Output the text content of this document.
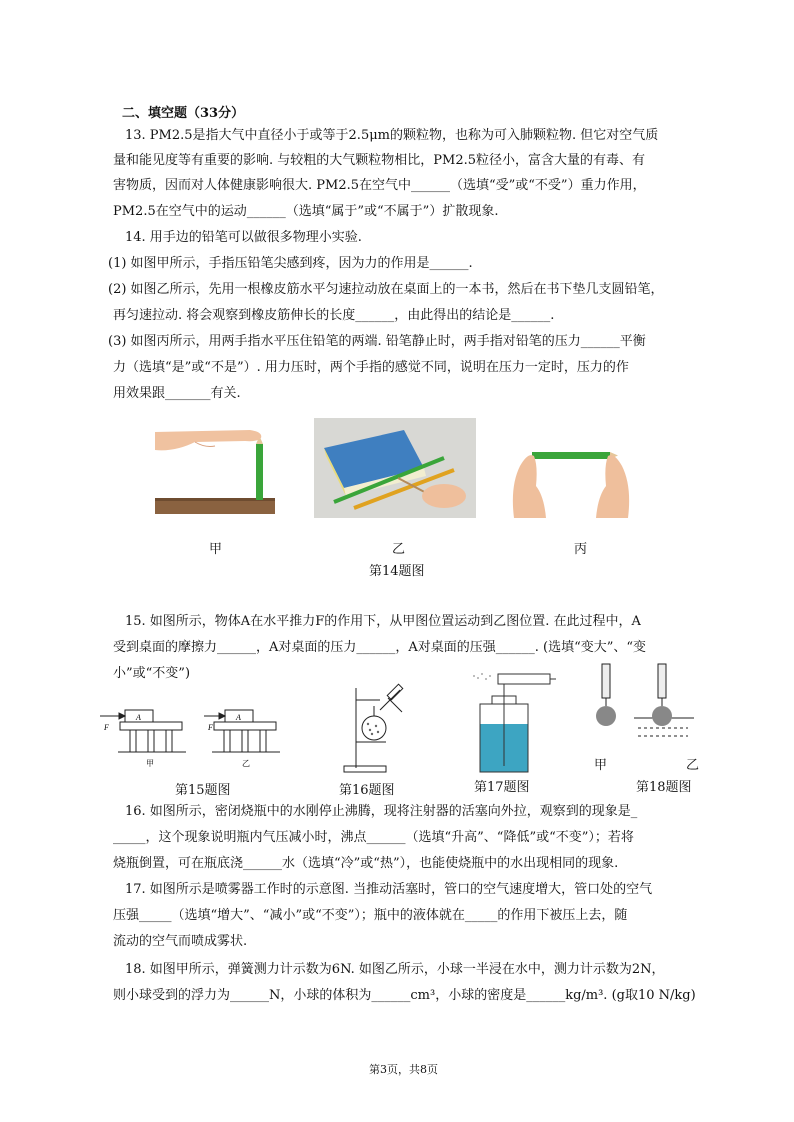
二、填空题（33分）
13. PM2.5是指大气中直径小于或等于2.5μm的颗粒物，也称为可入肺颗粒物. 但它对空气质
量和能见度等有重要的影响. 与较粗的大气颗粒物相比，PM2.5粒径小，富含大量的有毒、有
害物质，因而对人体健康影响很大. PM2.5在空气中______（选填“受”或“不受”）重力作用，
PM2.5在空气中的运动______（选填“属于”或“不属于”）扩散现象.
14. 用手边的铅笔可以做很多物理小实验.
(1) 如图甲所示，手指压铅笔尖感到疼，因为力的作用是______.
(2) 如图乙所示，先用一根橡皮筋水平匀速拉动放在桌面上的一本书，然后在书下垫几支圆铅笔，
再匀速拉动. 将会观察到橡皮筋伸长的长度______，由此得出的结论是______.
(3) 如图丙所示，用两手指水平压住铅笔的两端. 铅笔静止时，两手指对铅笔的压力______平衡
力（选填“是”或“不是”）. 用力压时，两个手指的感觉不同，说明在压力一定时，压力的作
用效果跟_______有关.
甲	乙	丙
第14题图
15. 如图所示，物体A在水平推力F的作用下，从甲图位置运动到乙图位置. 在此过程中，A
受到桌面的摩擦力______，A对桌面的压力______，A对桌面的压强______. (选填“变大”、“变
小”或“不变”)
A	A
F	F
甲	乙	甲	乙
第15题图	第16题图	第17题图	第18题图
16. 如图所示，密闭烧瓶中的水刚停止沸腾，现将注射器的活塞向外拉，观察到的现象是_
_____，这个现象说明瓶内气压减小时，沸点______（选填“升高”、“降低”或“不变”）；若将
烧瓶倒置，可在瓶底浇______水（选填“冷”或“热”），也能使烧瓶中的水出现相同的现象.
17. 如图所示是喷雾器工作时的示意图. 当推动活塞时，管口的空气速度增大，管口处的空气
压强_____（选填“增大”、“减小”或“不变”）；瓶中的液体就在_____的作用下被压上去，随
流动的空气而喷成雾状.
18. 如图甲所示，弹簧测力计示数为6N. 如图乙所示，小球一半浸在水中，测力计示数为2N，
则小球受到的浮力为______N，小球的体积为______cm³，小球的密度是______kg/m³. (g取10 N/kg)
第3页，共8页
